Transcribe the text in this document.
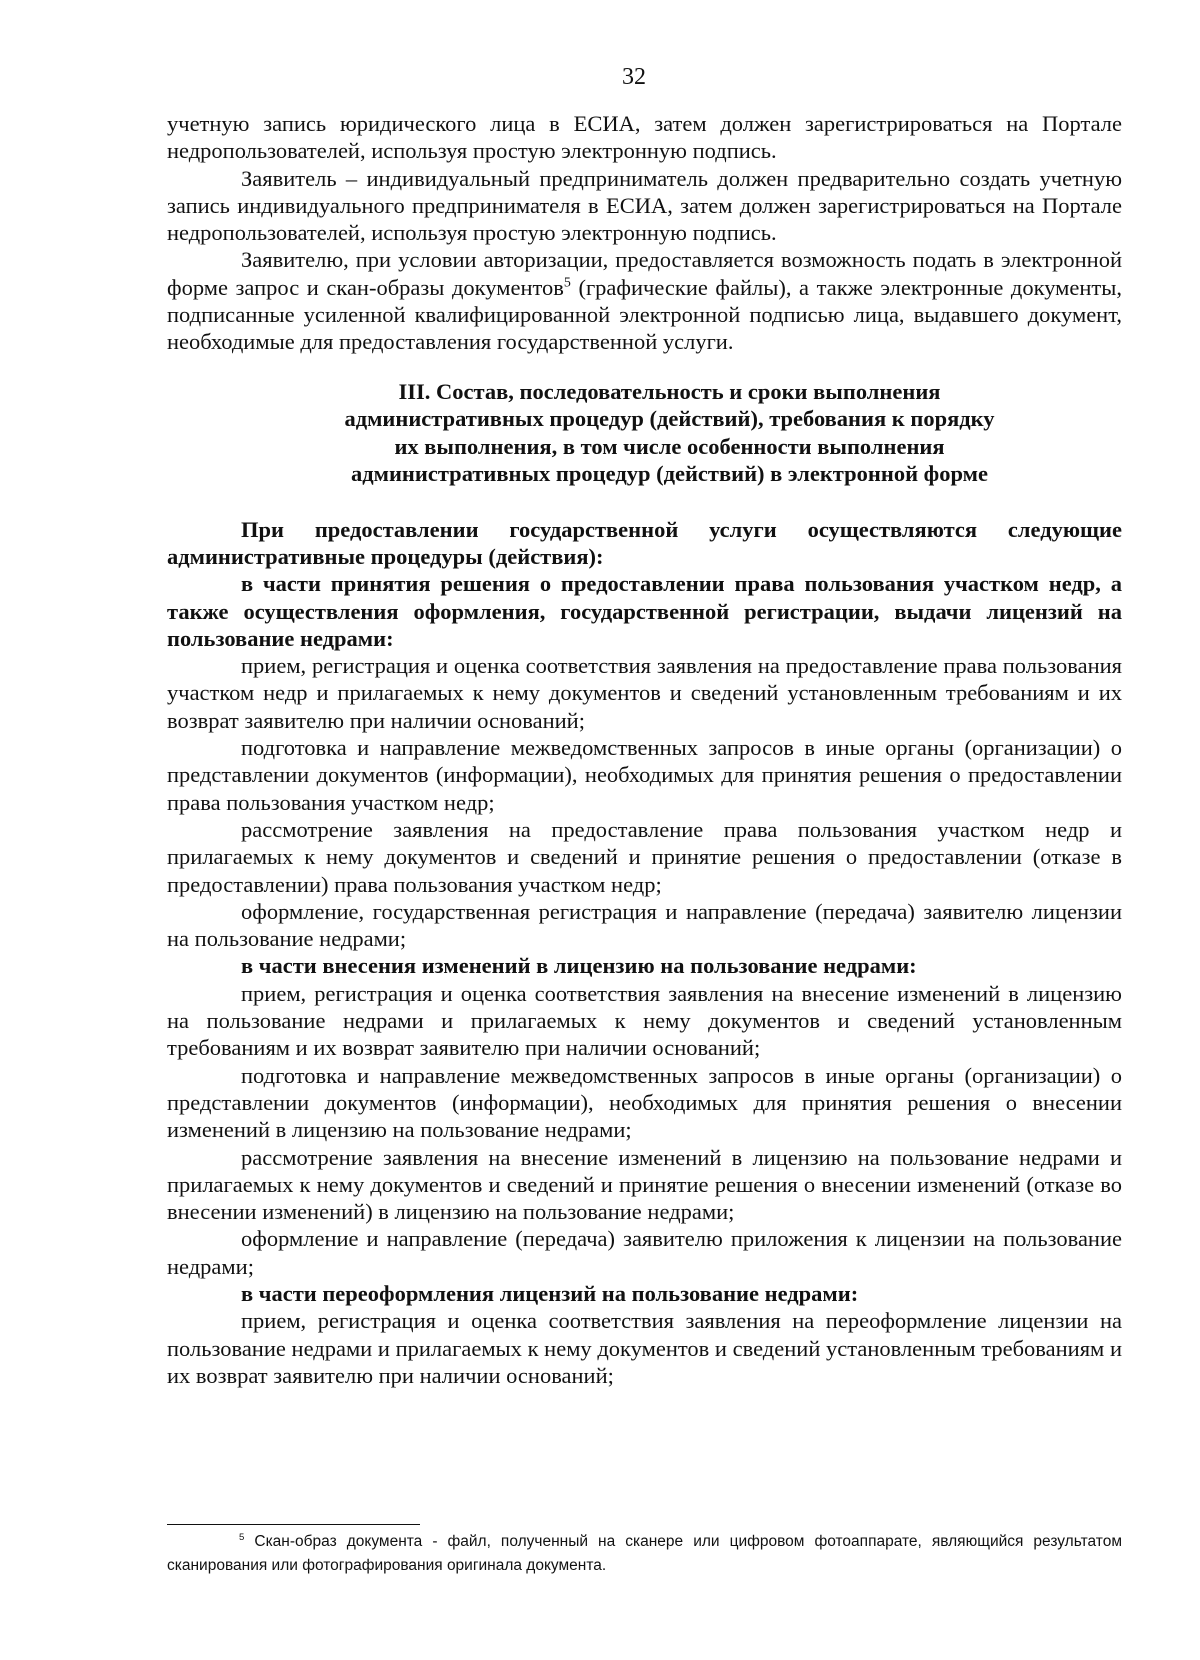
32

учетную запись юридического лица в ЕСИА, затем должен зарегистрироваться на Портале недропользователей, используя простую электронную подпись.

Заявитель – индивидуальный предприниматель должен предварительно создать учетную запись индивидуального предпринимателя в ЕСИА, затем должен зарегистрироваться на Портале недропользователей, используя простую электронную подпись.

Заявителю, при условии авторизации, предоставляется возможность подать в электронной форме запрос и скан-образы документов$^5$ (графические файлы), а также электронные документы, подписанные усиленной квалифицированной электронной подписью лица, выдавшего документ, необходимые для предоставления государственной услуги.

III. Состав, последовательность и сроки выполнения
административных процедур (действий), требования к порядку
их выполнения, в том числе особенности выполнения
административных процедур (действий) в электронной форме

При предоставлении государственной услуги осуществляются следующие административные процедуры (действия):

в части принятия решения о предоставлении права пользования участком недр, а также осуществления оформления, государственной регистрации, выдачи лицензий на пользование недрами:

прием, регистрация и оценка соответствия заявления на предоставление права пользования участком недр и прилагаемых к нему документов и сведений установленным требованиям и их возврат заявителю при наличии оснований;

подготовка и направление межведомственных запросов в иные органы (организации) о представлении документов (информации), необходимых для принятия решения о предоставлении права пользования участком недр;

рассмотрение заявления на предоставление права пользования участком недр и прилагаемых к нему документов и сведений и принятие решения о предоставлении (отказе в предоставлении) права пользования участком недр;

оформление, государственная регистрация и направление (передача) заявителю лицензии на пользование недрами;

в части внесения изменений в лицензию на пользование недрами:

прием, регистрация и оценка соответствия заявления на внесение изменений в лицензию на пользование недрами и прилагаемых к нему документов и сведений установленным требованиям и их возврат заявителю при наличии оснований;

подготовка и направление межведомственных запросов в иные органы (организации) о представлении документов (информации), необходимых для принятия решения о внесении изменений в лицензию на пользование недрами;

рассмотрение заявления на внесение изменений в лицензию на пользование недрами и прилагаемых к нему документов и сведений и принятие решения о внесении изменений (отказе во внесении изменений) в лицензию на пользование недрами;

оформление и направление (передача) заявителю приложения к лицензии на пользование недрами;

в части переоформления лицензий на пользование недрами:

прием, регистрация и оценка соответствия заявления на переоформление лицензии на пользование недрами и прилагаемых к нему документов и сведений установленным требованиям и их возврат заявителю при наличии оснований;

$^5$ Скан-образ документа - файл, полученный на сканере или цифровом фотоаппарате, являющийся результатом сканирования или фотографирования оригинала документа.
